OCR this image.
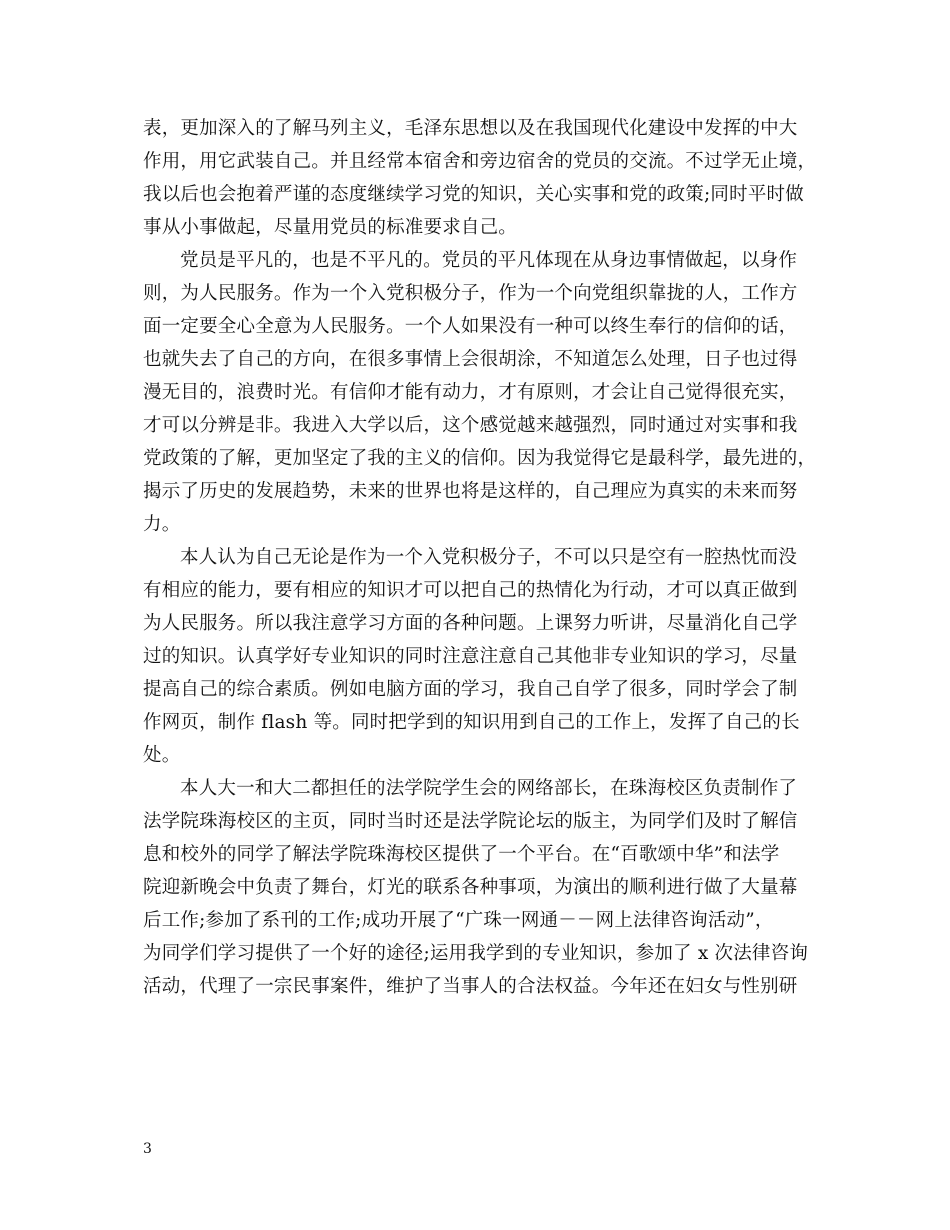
表，更加深入的了解马列主义，毛泽东思想以及在我国现代化建设中发挥的中大
作用，用它武装自己。并且经常本宿舍和旁边宿舍的党员的交流。不过学无止境，
我以后也会抱着严谨的态度继续学习党的知识，关心实事和党的政策;同时平时做
事从小事做起，尽量用党员的标准要求自己。
党员是平凡的，也是不平凡的。党员的平凡体现在从身边事情做起，以身作
则，为人民服务。作为一个入党积极分子，作为一个向党组织靠拢的人，工作方
面一定要全心全意为人民服务。一个人如果没有一种可以终生奉行的信仰的话，
也就失去了自己的方向，在很多事情上会很胡涂，不知道怎么处理，日子也过得
漫无目的，浪费时光。有信仰才能有动力，才有原则，才会让自己觉得很充实，
才可以分辨是非。我进入大学以后，这个感觉越来越强烈，同时通过对实事和我
党政策的了解，更加坚定了我的主义的信仰。因为我觉得它是最科学，最先进的，
揭示了历史的发展趋势，未来的世界也将是这样的，自己理应为真实的未来而努
力。
本人认为自己无论是作为一个入党积极分子，不可以只是空有一腔热忱而没
有相应的能力，要有相应的知识才可以把自己的热情化为行动，才可以真正做到
为人民服务。所以我注意学习方面的各种问题。上课努力听讲，尽量消化自己学
过的知识。认真学好专业知识的同时注意注意自己其他非专业知识的学习，尽量
提高自己的综合素质。例如电脑方面的学习，我自己自学了很多，同时学会了制
作网页，制作 flash 等。同时把学到的知识用到自己的工作上，发挥了自己的长
处。
本人大一和大二都担任的法学院学生会的网络部长，在珠海校区负责制作了
法学院珠海校区的主页，同时当时还是法学院论坛的版主，为同学们及时了解信
息和校外的同学了解法学院珠海校区提供了一个平台。在“百歌颂中华”和法学
院迎新晚会中负责了舞台，灯光的联系各种事项，为演出的顺利进行做了大量幕
后工作;参加了系刊的工作;成功开展了“广珠一网通－－网上法律咨询活动”，
为同学们学习提供了一个好的途径;运用我学到的专业知识，参加了 x 次法律咨询
活动，代理了一宗民事案件，维护了当事人的合法权益。今年还在妇女与性别研
3
